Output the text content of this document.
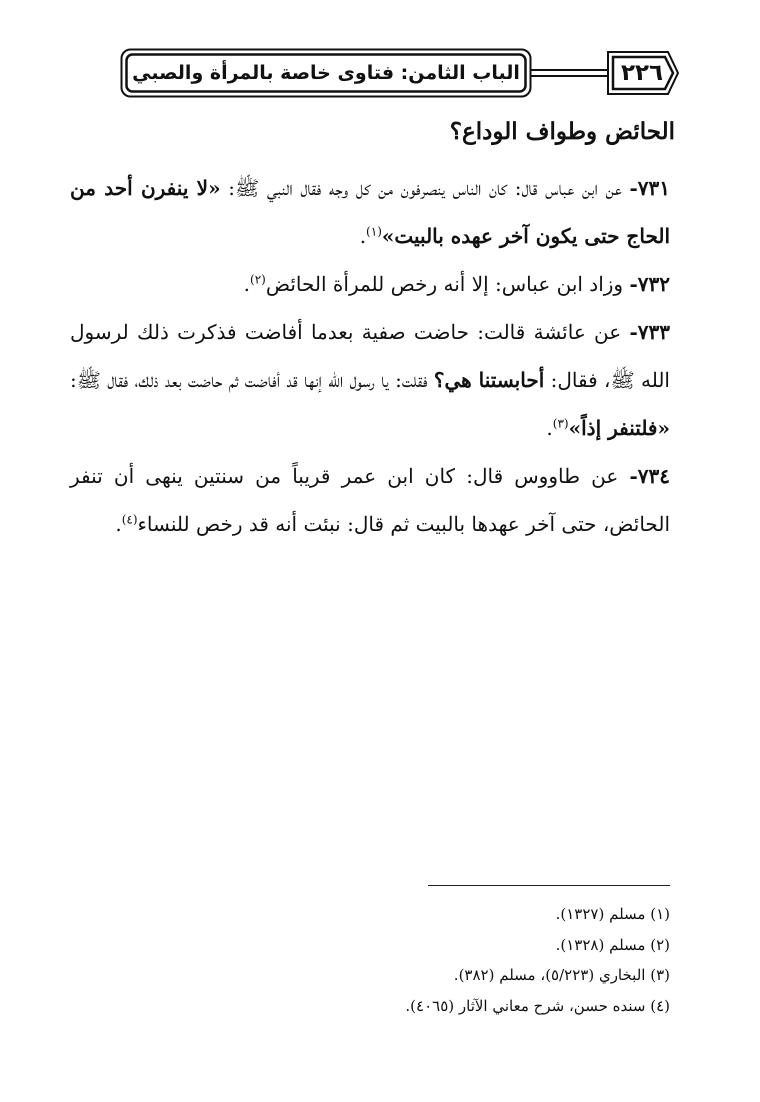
الباب الثامن: فتاوى خاصة بالمرأة والصبي	٢٢٦
الحائض وطواف الوداع؟

٧٣١- عن ابن عباس قال: كان الناس ينصرفون من كل وجه فقال النبي ﷺ: «لا ينفرن أحد من الحاج حتى يكون آخر عهده بالبيت»$^{(١)}$.

٧٣٢- وزاد ابن عباس: إلا أنه رخص للمرأة الحائض$^{(٢)}$.

٧٣٣- عن عائشة قالت: حاضت صفية بعدما أفاضت فذكرت ذلك لرسول الله ﷺ، فقال: أحابستنا هي؟ فقلت: يا رسول الله إنها قد أفاضت ثم حاضت بعد ذلك، فقال ﷺ: «فلتنفر إذاً»$^{(٣)}$.

٧٣٤- عن طاووس قال: كان ابن عمر قريباً من سنتين ينهى أن تنفر الحائض، حتى آخر عهدها بالبيت ثم قال: نبئت أنه قد رخص للنساء$^{(٤)}$.

(١) مسلم (١٣٢٧).

(٢) مسلم (١٣٢٨).

(٣) البخاري (٥/٢٢٣)، مسلم (٣٨٢).

(٤) سنده حسن، شرح معاني الآثار (٤٠٦٥).
